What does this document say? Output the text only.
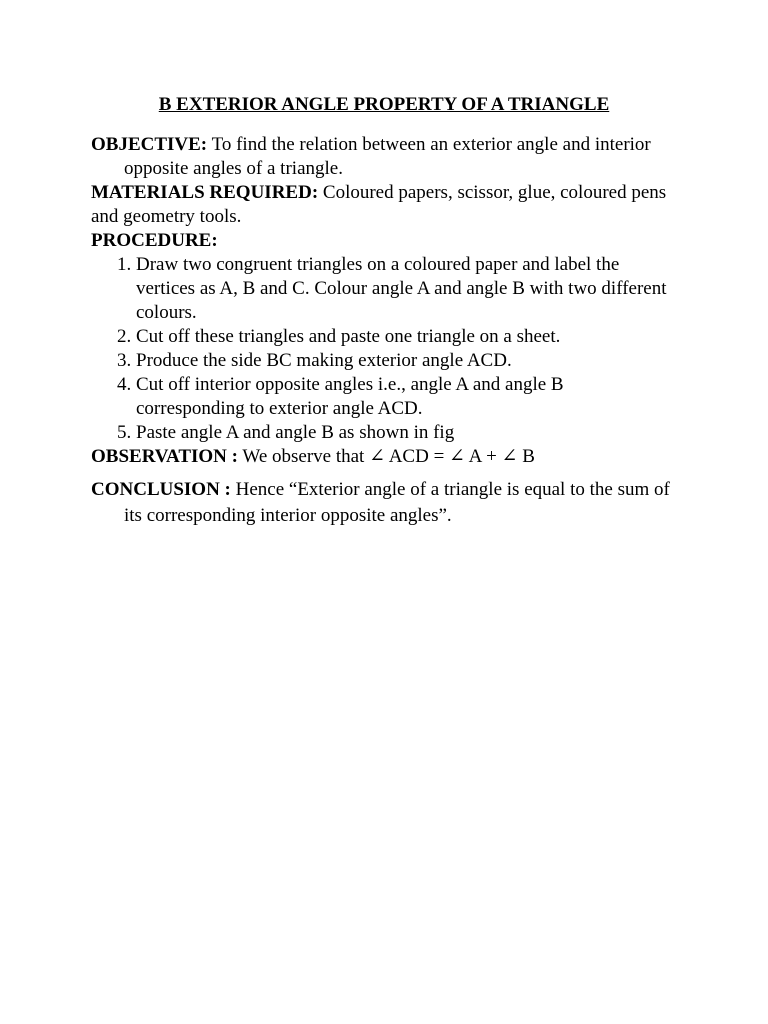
B EXTERIOR ANGLE PROPERTY OF A TRIANGLE

OBJECTIVE: To find the relation between an exterior angle and interior opposite angles of a triangle.

MATERIALS REQUIRED: Coloured papers, scissor, glue, coloured pens and geometry tools.

PROCEDURE:

1. Draw two congruent triangles on a coloured paper and label the vertices as A, B and C. Colour angle A and angle B with two different colours.
2. Cut off these triangles and paste one triangle on a sheet.
3. Produce the side BC making exterior angle ACD.
4. Cut off interior opposite angles i.e., angle A and angle B corresponding to exterior angle ACD.
5. Paste angle A and angle B as shown in fig

OBSERVATION : We observe that ∠ ACD = ∠ A + ∠ B

CONCLUSION : Hence “Exterior angle of a triangle is equal to the sum of its corresponding interior opposite angles”.
